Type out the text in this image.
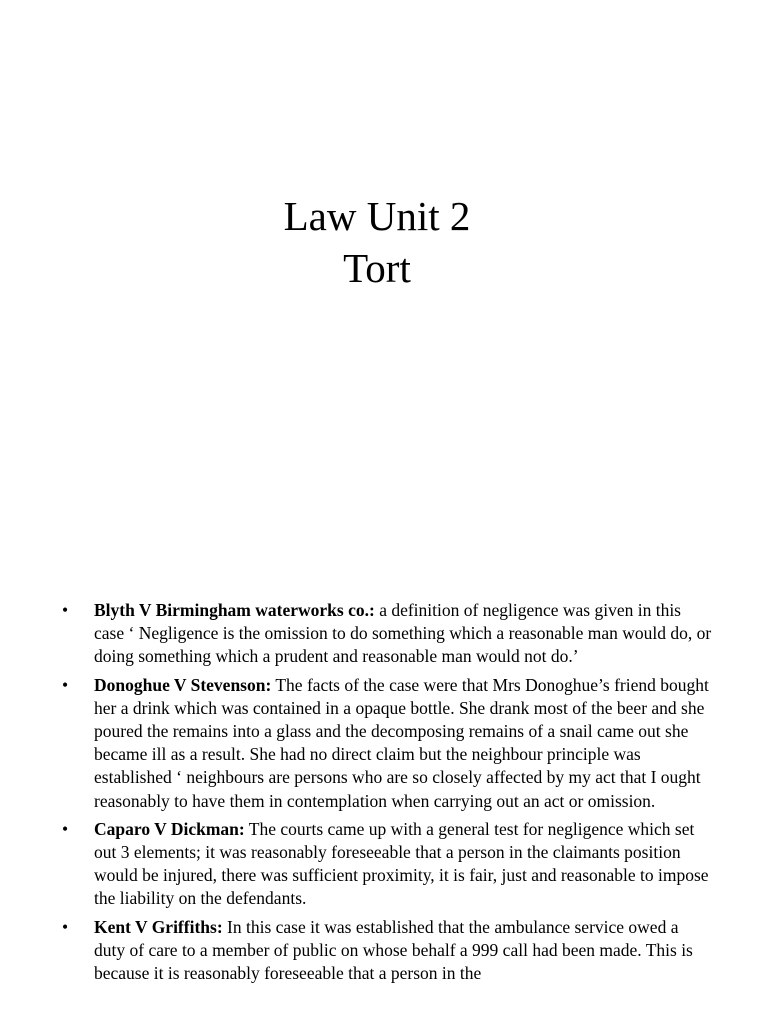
Law Unit 2

Tort

• Blyth V Birmingham waterworks co.: a definition of negligence was given in this case ‘ Negligence is the omission to do something which a reasonable man would do, or doing something which a prudent and reasonable man would not do.’
• Donoghue V Stevenson: The facts of the case were that Mrs Donoghue’s friend bought her a drink which was contained in a opaque bottle. She drank most of the beer and she poured the remains into a glass and the decomposing remains of a snail came out she became ill as a result. She had no direct claim but the neighbour principle was established ‘ neighbours are persons who are so closely affected by my act that I ought reasonably to have them in contemplation when carrying out an act or omission.
• Caparo V Dickman: The courts came up with a general test for negligence which set out 3 elements; it was reasonably foreseeable that a person in the claimants position would be injured, there was sufficient proximity, it is fair, just and reasonable to impose the liability on the defendants.
• Kent V Griffiths: In this case it was established that the ambulance service owed a duty of care to a member of public on whose behalf a 999 call had been made. This is because it is reasonably foreseeable that a person in the
